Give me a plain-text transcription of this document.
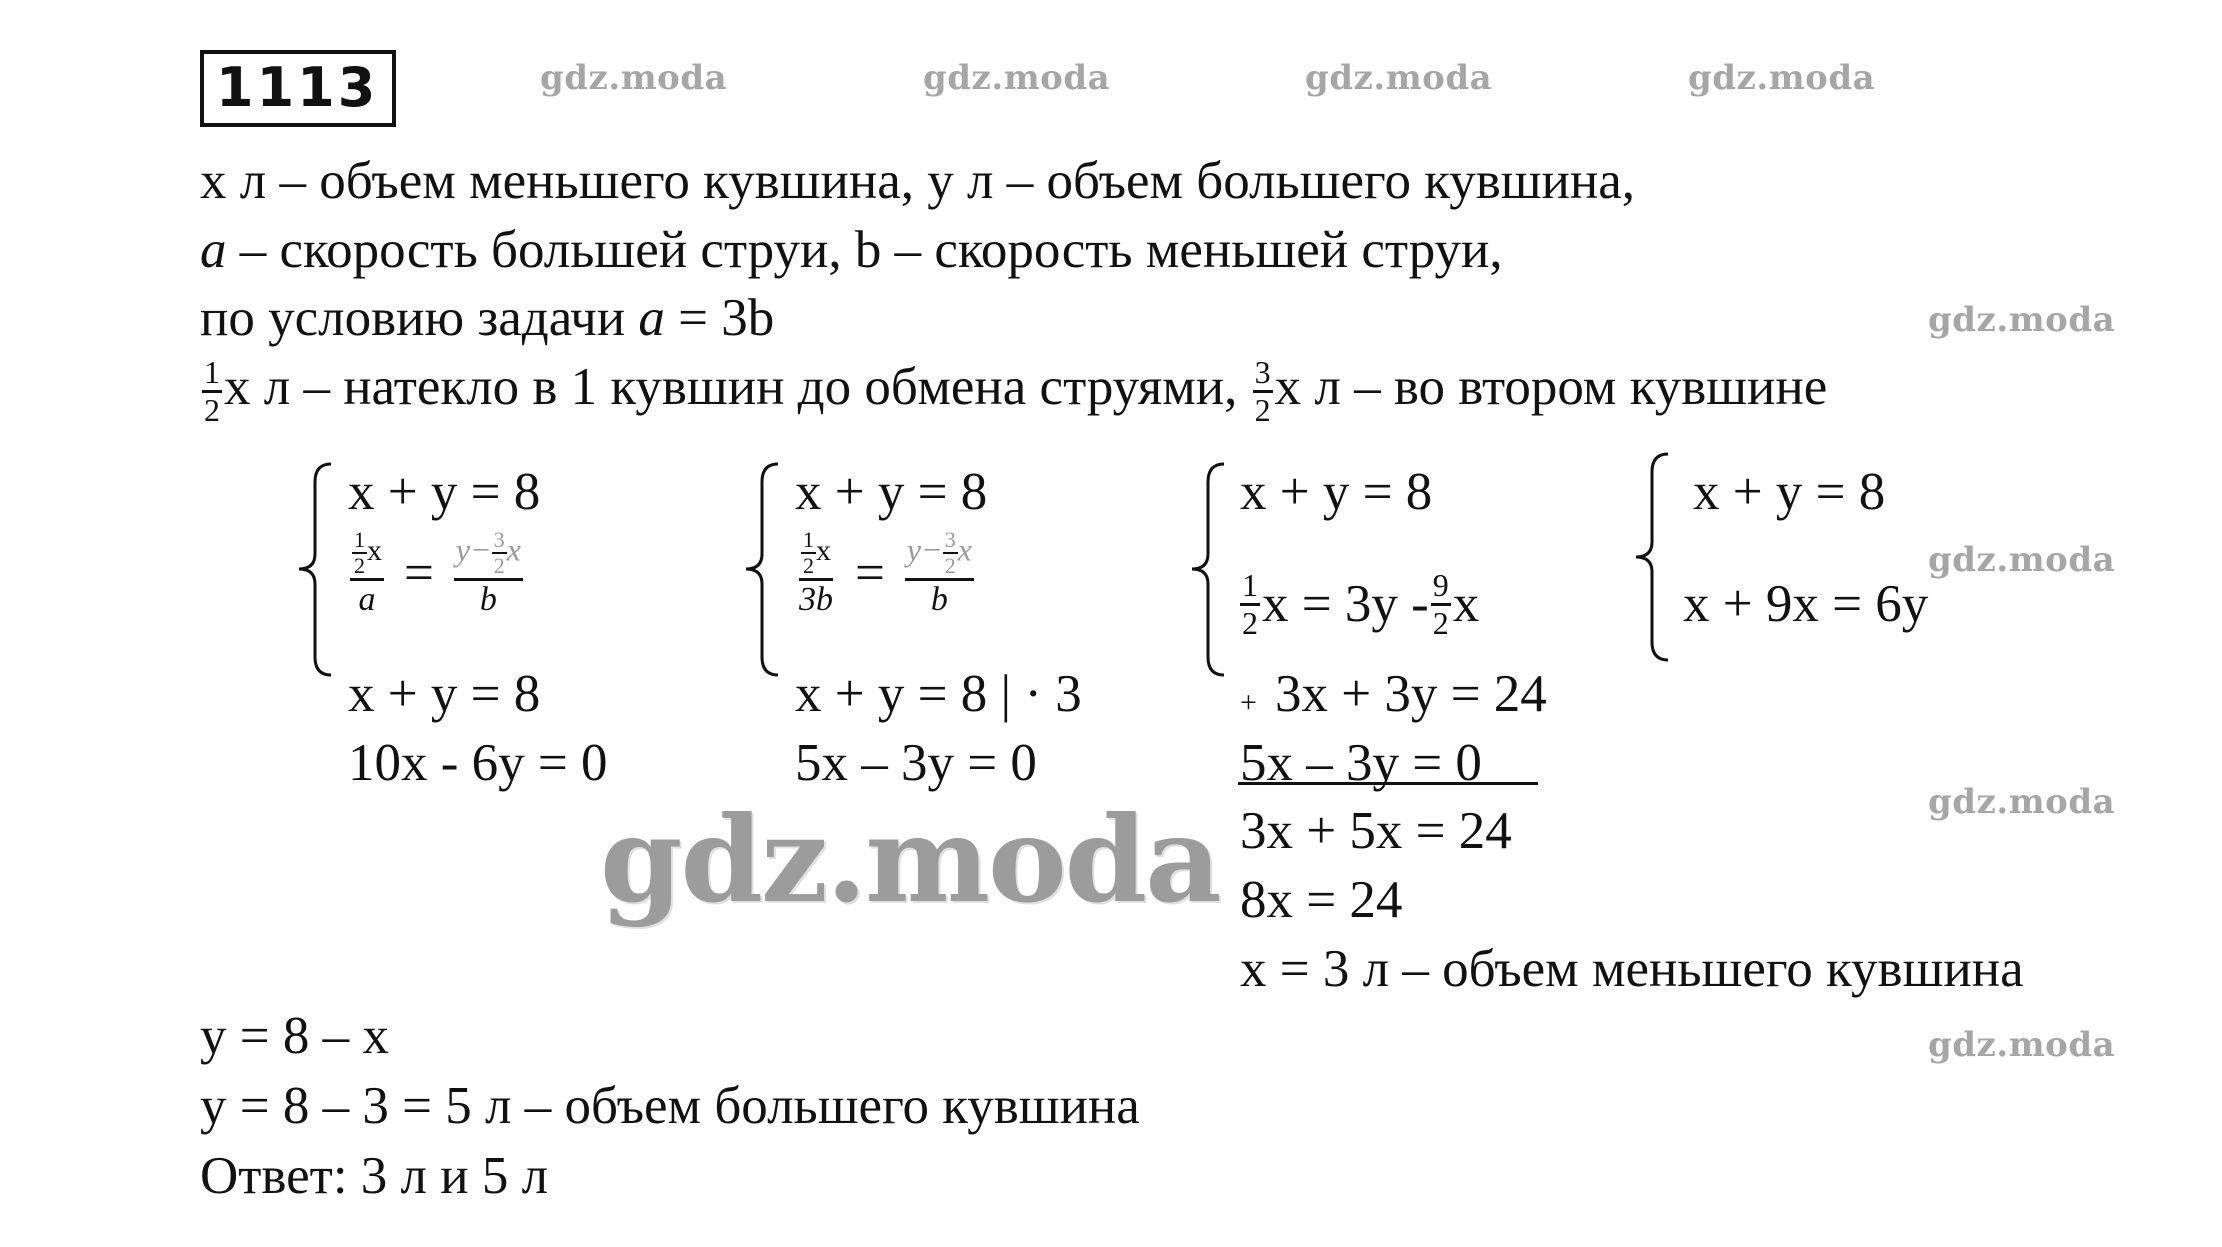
1113	gdz.moda	gdz.moda	gdz.moda	gdz.moda
x л – объем меньшего кувшина, y л – объем большего кувшина,
a – скорость большей струи, b – скорость меньшей струи,
по условию задачи a = 3b	gdz.moda
$\frac{1}{2}$ x л – натекло в 1 кувшин до обмена струями, $\frac{3}{2}$ x л – во втором кувшине
x + y = 8
$\frac{\frac{1}{2} x}{a} = \frac{y- \frac{3}{2} x}{b}$
x + y = 8
10x - 6y = 0
x + y = 8
$\frac{\frac{1}{2} x}{3b} = \frac{y- \frac{3}{2} x}{b}$
x + y = 8 | · 3
5x – 3y = 0
x + y = 8
$\frac{1}{2}$ $x = 3y - \frac{9}{2}$ x
+ 3x + 3y = 24
5x – 3y = 0
3x + 5x = 24
8x = 24
x = 3 л – объем меньшего кувшина
x + y = 8
x + 9x = 6y
gdz.moda
gdz.moda
gdz.moda
gdz.moda
y = 8 – x
y = 8 – 3 = 5 л – объем большего кувшина
Ответ: 3 л и 5 л
